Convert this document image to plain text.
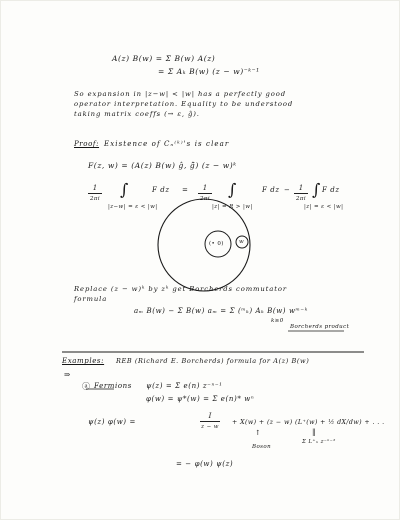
A(z) B(w) = Σ B(w) A(z)
= Σ Aₖ B(w) (z − w)⁻ᵏ⁻¹
So expansion in |z−w| < |w| has a perfectly good
operator interpretation. Equality to be understood
taking matrix coeffs (→ ε, ĝ).
Proof: Existence of Cₙ⁽ᵏ⁾'s is clear
F(z, w) = (A(z) B(w) ĝ, ĝ̃) (z − w)ᵏ
1
2πi ∫	F dz
|z−w| = ε < |w|
=	1
2πi ∫	F dz
|z| = R > |w|
−	1
2πi ∫ F dz
|z| = ε < |w|
(• 0)	w
Replace (z − w)ᵏ by zᵏ get Borcherds commutator
formula
aₘ B(w) − Σ B(w) aₘ = Σ (ᵐₖ) Aₖ B(w) wᵐ⁻ᵏ
k≥0
Borcherds product
Examples: REB (Richard E. Borcherds) formula for A(z) B(w)
⇒
ⓐ Fermions ψ(z) = Σ e(n) z⁻ⁿ⁻¹
φ(w) = ψ*(w) = Σ e(n)* wⁿ
ψ(z) φ(w) =
I
z − w
+ X(w) + (z − w) (L⁺(w) + ½ dX/dw) + . . .
↑
Boson
‖
Σ L⁺ₙ z⁻ⁿ⁻²
= − φ(w) ψ(z)
